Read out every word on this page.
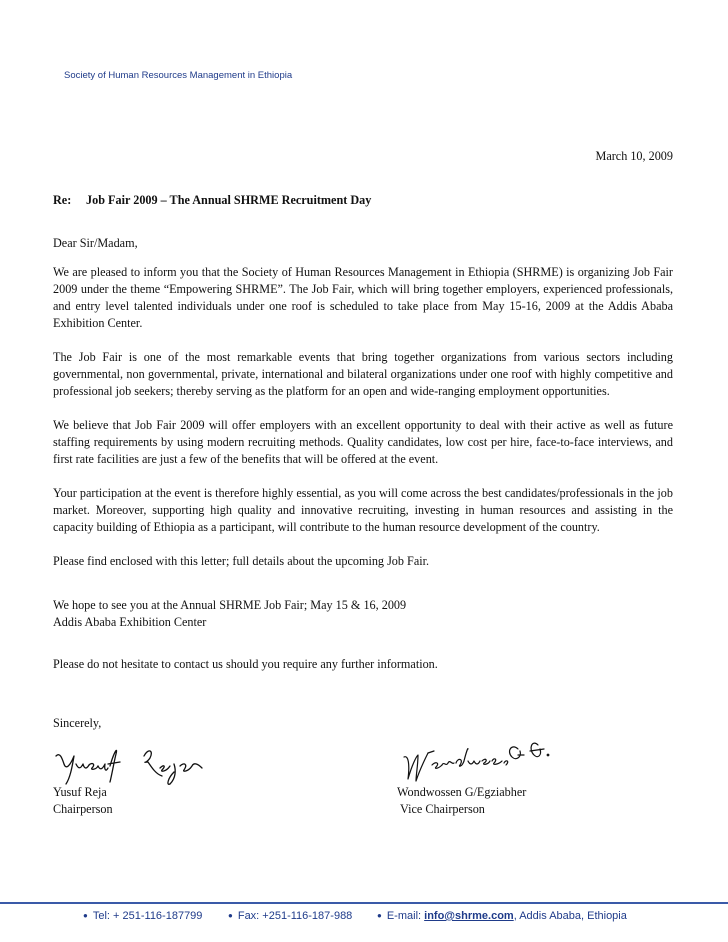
Society of Human Resources Management in Ethiopia
March 10, 2009
Re: Job Fair 2009 – The Annual SHRME Recruitment Day
Dear Sir/Madam,

We are pleased to inform you that the Society of Human Resources Management in Ethiopia (SHRME) is organizing Job Fair 2009 under the theme “Empowering SHRME”. The Job Fair, which will bring together employers, experienced professionals, and entry level talented individuals under one roof is scheduled to take place from May 15-16, 2009 at the Addis Ababa Exhibition Center.

The Job Fair is one of the most remarkable events that bring together organizations from various sectors including governmental, non governmental, private, international and bilateral organizations under one roof with highly competitive and professional job seekers; thereby serving as the platform for an open and wide-ranging employment opportunities.

We believe that Job Fair 2009 will offer employers with an excellent opportunity to deal with their active as well as future staffing requirements by using modern recruiting methods. Quality candidates, low cost per hire, face-to-face interviews, and first rate facilities are just a few of the benefits that will be offered at the event.

Your participation at the event is therefore highly essential, as you will come across the best candidates/professionals in the job market. Moreover, supporting high quality and innovative recruiting, investing in human resources and assisting in the capacity building of Ethiopia as a participant, will contribute to the human resource development of the country.

Please find enclosed with this letter; full details about the upcoming Job Fair.

We hope to see you at the Annual SHRME Job Fair; May 15 & 16, 2009
Addis Ababa Exhibition Center
Please do not hesitate to contact us should you require any further information.
Sincerely,
Yusuf Reja
Chairperson
Wondwossen G/Egziabher
Vice Chairperson
● Tel: + 251-116-187799	● Fax: +251-116-187-988	● E-mail: info@shrme.com, Addis Ababa, Ethiopia
